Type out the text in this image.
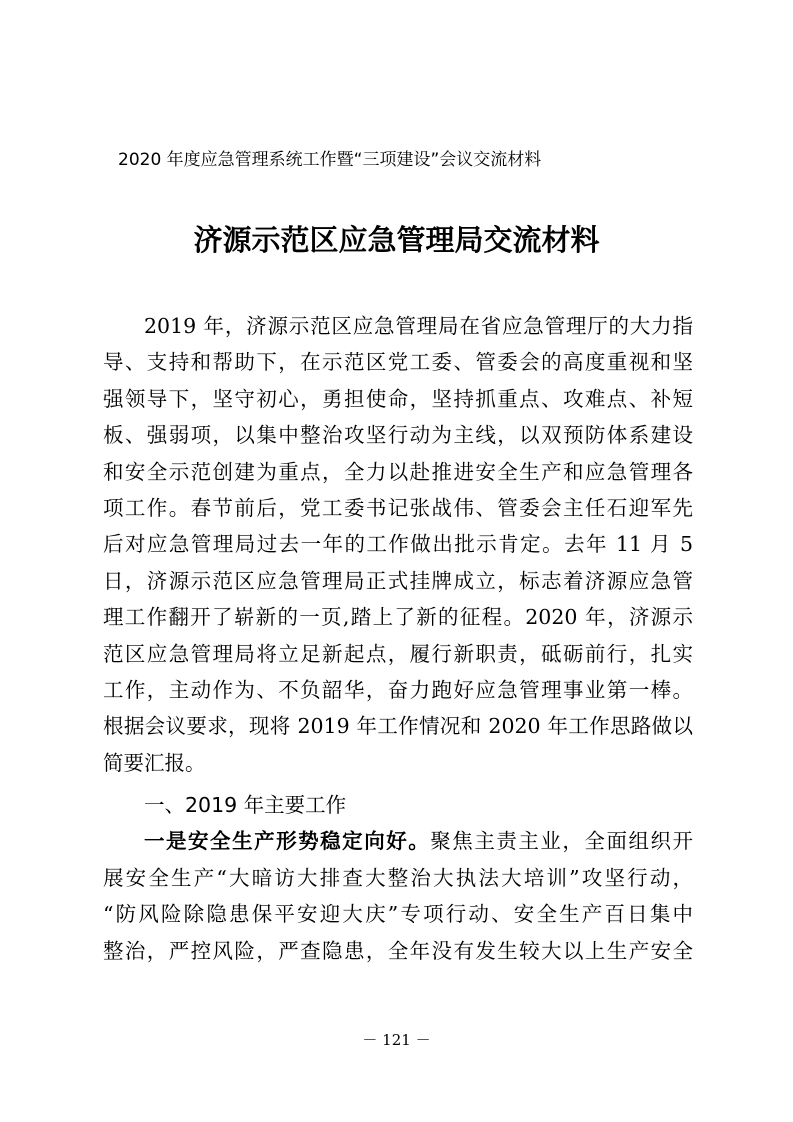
2020 年度应急管理系统工作暨“三项建设”会议交流材料
济源示范区应急管理局交流材料
2019 年，济源示范区应急管理局在省应急管理厅的大力指
导、支持和帮助下，在示范区党工委、管委会的高度重视和坚
强领导下，坚守初心，勇担使命，坚持抓重点、攻难点、补短
板、强弱项，以集中整治攻坚行动为主线，以双预防体系建设
和安全示范创建为重点，全力以赴推进安全生产和应急管理各
项工作。春节前后，党工委书记张战伟、管委会主任石迎军先
后对应急管理局过去一年的工作做出批示肯定。去年 11 月 5
日，济源示范区应急管理局正式挂牌成立，标志着济源应急管
理工作翻开了崭新的一页,踏上了新的征程。2020 年，济源示
范区应急管理局将立足新起点，履行新职责，砥砺前行，扎实
工作，主动作为、不负韶华，奋力跑好应急管理事业第一棒。
根据会议要求，现将 2019 年工作情况和 2020 年工作思路做以
简要汇报。
一、2019 年主要工作
一是安全生产形势稳定向好。聚焦主责主业，全面组织开
展安全生产“大暗访大排查大整治大执法大培训”攻坚行动，
“防风险除隐患保平安迎大庆”专项行动、安全生产百日集中
整治，严控风险，严查隐患，全年没有发生较大以上生产安全
－ 121 －
